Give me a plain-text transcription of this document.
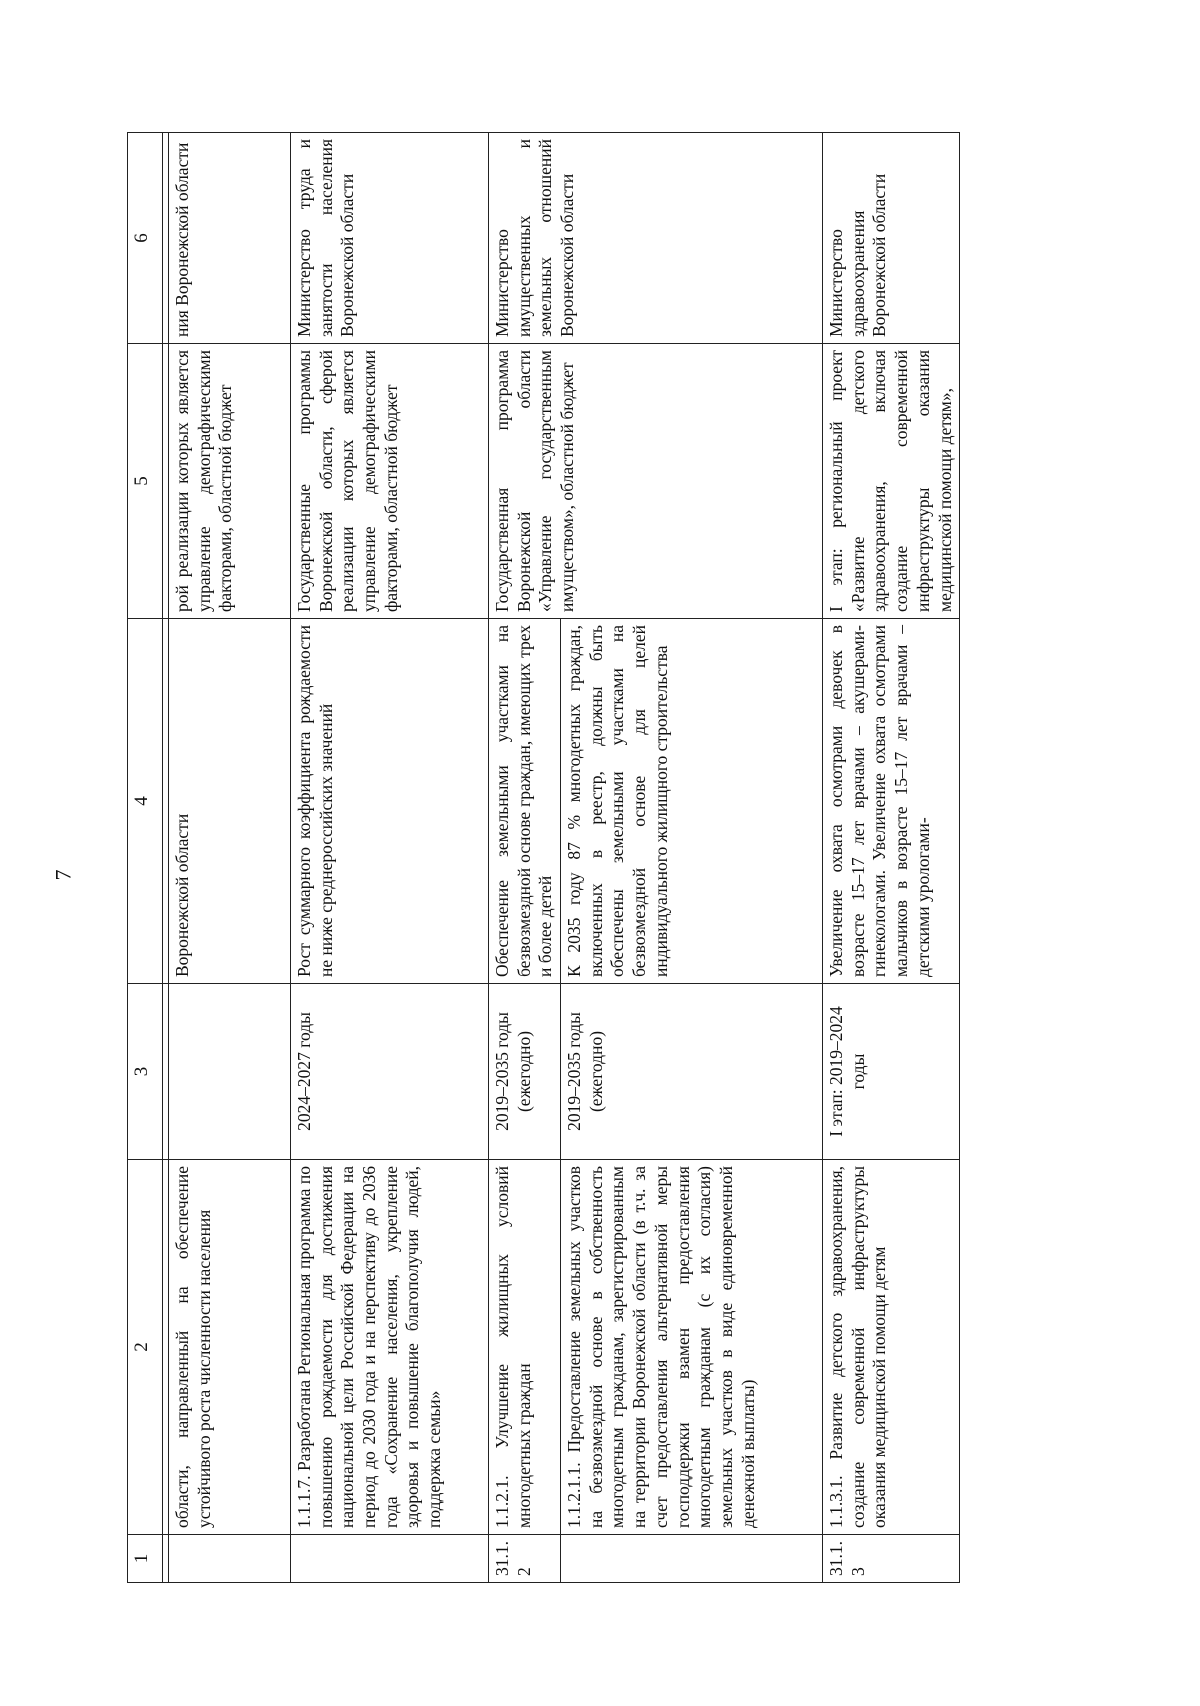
7
1	2	3	4	5	6

	области, направленный на обеспечение устойчивого роста численности населения		Воронежской области	рой реализации которых является управление демографическими факторами, областной бюджет	ния Воронежской области
	1.1.1.7. Разработана Региональная программа по повышению рождаемости для достижения национальной цели Российской Федерации на период до 2030 года и на перспективу до 2036 года «Сохранение населения, укрепление здоровья и повышение благополучия людей, поддержка семьи»	2024–2027 годы	Рост суммарного коэффициента рождаемости не ниже среднероссийских значений	Государственные программы Воронежской области, сферой реализации которых является управление демографическими факторами, областной бюджет	Министерство труда и занятости населения Воронежской области
31.1.2	1.1.2.1. Улучшение жилищных условий многодетных граждан	2019–2035 годы (ежегодно)	Обеспечение земельными участками на безвозмездной основе граждан, имеющих трех и более детей	Государственная программа Воронежской области «Управление государственным имуществом», областной бюджет	Министерство имущественных и земельных отношений Воронежской области
	1.1.2.1.1. Предоставление земельных участков на безвозмездной основе в собственность многодетным гражданам, зарегистрированным на территории Воронежской области (в т.ч. за счет предоставления альтернативной меры господдержки взамен предоставления многодетным гражданам (с их согласия) земельных участков в виде единовременной денежной выплаты)	2019–2035 годы (ежегодно)	К 2035 году 87 % многодетных граждан, включенных в реестр, должны быть обеспечены земельными участками на безвозмездной основе для целей индивидуального жилищного строительства		
31.1.3	1.1.3.1. Развитие детского здравоохранения, создание современной инфраструктуры оказания медицинской помощи детям	I этап: 2019–2024 годы	Увеличение охвата осмотрами девочек в возрасте 15–17 лет врачами – акушерами-гинекологами. Увеличение охвата осмотрами мальчиков в возрасте 15–17 лет врачами – детскими урологами-	I этап: региональный проект «Развитие детского здравоохранения, включая создание современной инфраструктуры оказания медицинской помощи детям»,	Министерство здравоохранения Воронежской области
